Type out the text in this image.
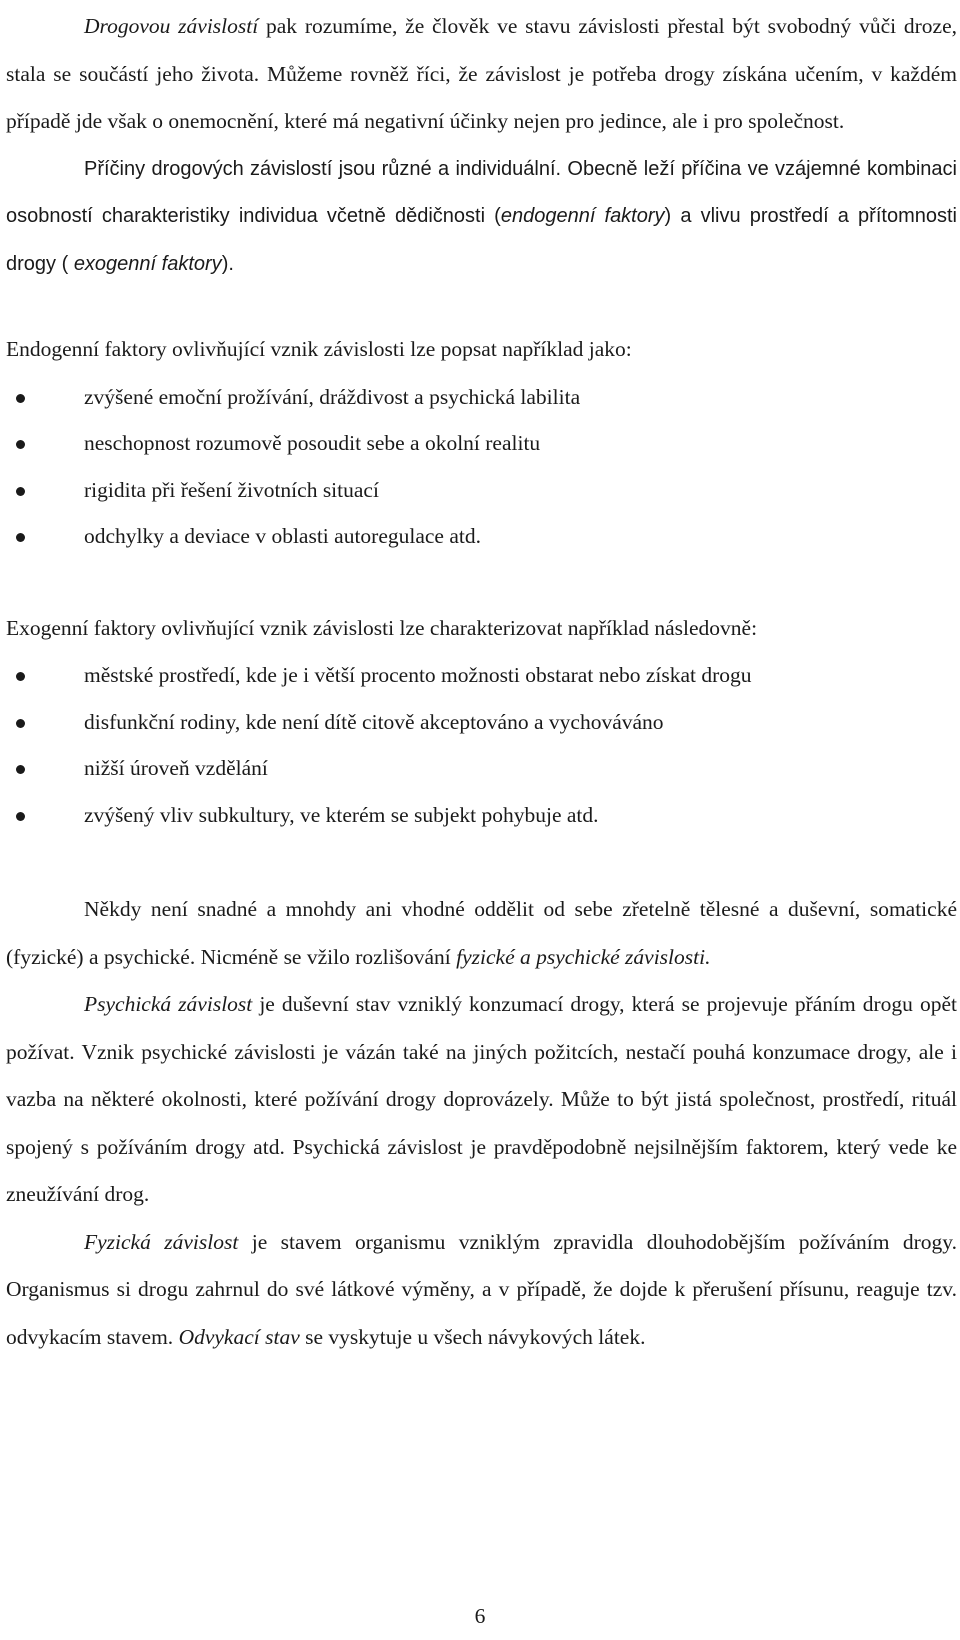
Drogovou závislostí pak rozumíme, že člověk ve stavu závislosti přestal být svobodný vůči droze, stala se součástí jeho života. Můžeme rovněž říci, že závislost je potřeba drogy získána učením, v každém případě jde však o onemocnění, které má negativní účinky nejen pro jedince, ale i pro společnost.

Příčiny drogových závislostí jsou různé a individuální. Obecně leží příčina ve vzájemné kombinaci osobností charakteristiky individua včetně dědičnosti (endogenní faktory) a vlivu prostředí a přítomnosti drogy ( exogenní faktory).

Endogenní faktory ovlivňující vznik závislosti lze popsat například jako:

zvýšené emoční prožívání, dráždivost a psychická labilita
neschopnost rozumově posoudit sebe a okolní realitu
rigidita při řešení životních situací
odchylky a deviace v oblasti autoregulace atd.

Exogenní faktory ovlivňující vznik závislosti lze charakterizovat například následovně:

městské prostředí, kde je i větší procento možnosti obstarat nebo získat drogu
disfunkční rodiny, kde není dítě citově akceptováno a vychováváno
nižší úroveň vzdělání
zvýšený vliv subkultury, ve kterém se subjekt pohybuje atd.

Někdy není snadné a mnohdy ani vhodné oddělit od sebe zřetelně tělesné a duševní, somatické (fyzické) a psychické. Nicméně se vžilo rozlišování fyzické a psychické závislosti.

Psychická závislost je duševní stav vzniklý konzumací drogy, která se projevuje přáním drogu opět požívat. Vznik psychické závislosti je vázán také na jiných požitcích, nestačí pouhá konzumace drogy, ale i vazba na některé okolnosti, které požívání drogy doprovázely. Může to být jistá společnost, prostředí, rituál spojený s požíváním drogy atd. Psychická závislost je pravděpodobně nejsilnějším faktorem, který vede ke zneužívání drog.

Fyzická závislost je stavem organismu vzniklým zpravidla dlouhodobějším požíváním drogy. Organismus si drogu zahrnul do své látkové výměny, a v případě, že dojde k přerušení přísunu, reaguje tzv. odvykacím stavem. Odvykací stav se vyskytuje u všech návykových látek.

6
